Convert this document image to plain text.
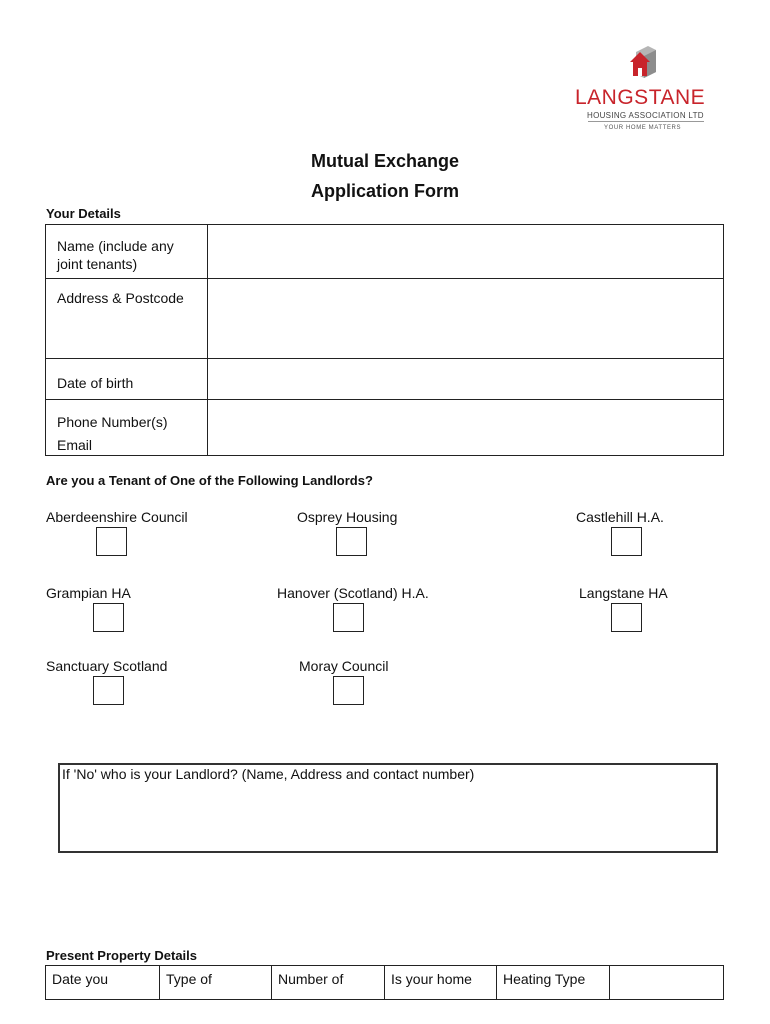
LANGSTANE
HOUSING ASSOCIATION LTD
YOUR HOME MATTERS
Mutual Exchange
Application Form
Your Details
Name (include any
joint tenants)
Address & Postcode
Date of birth
Phone Number(s)
Email
Are you a Tenant of One of the Following Landlords?
Aberdeenshire Council	Osprey Housing	Castlehill H.A.
Grampian HA	Hanover (Scotland) H.A.	Langstane HA
Sanctuary Scotland	Moray Council
If 'No' who is your Landlord? (Name, Address and contact number)
Present Property Details
Date you	Type of	Number of	Is your home	Heating Type
